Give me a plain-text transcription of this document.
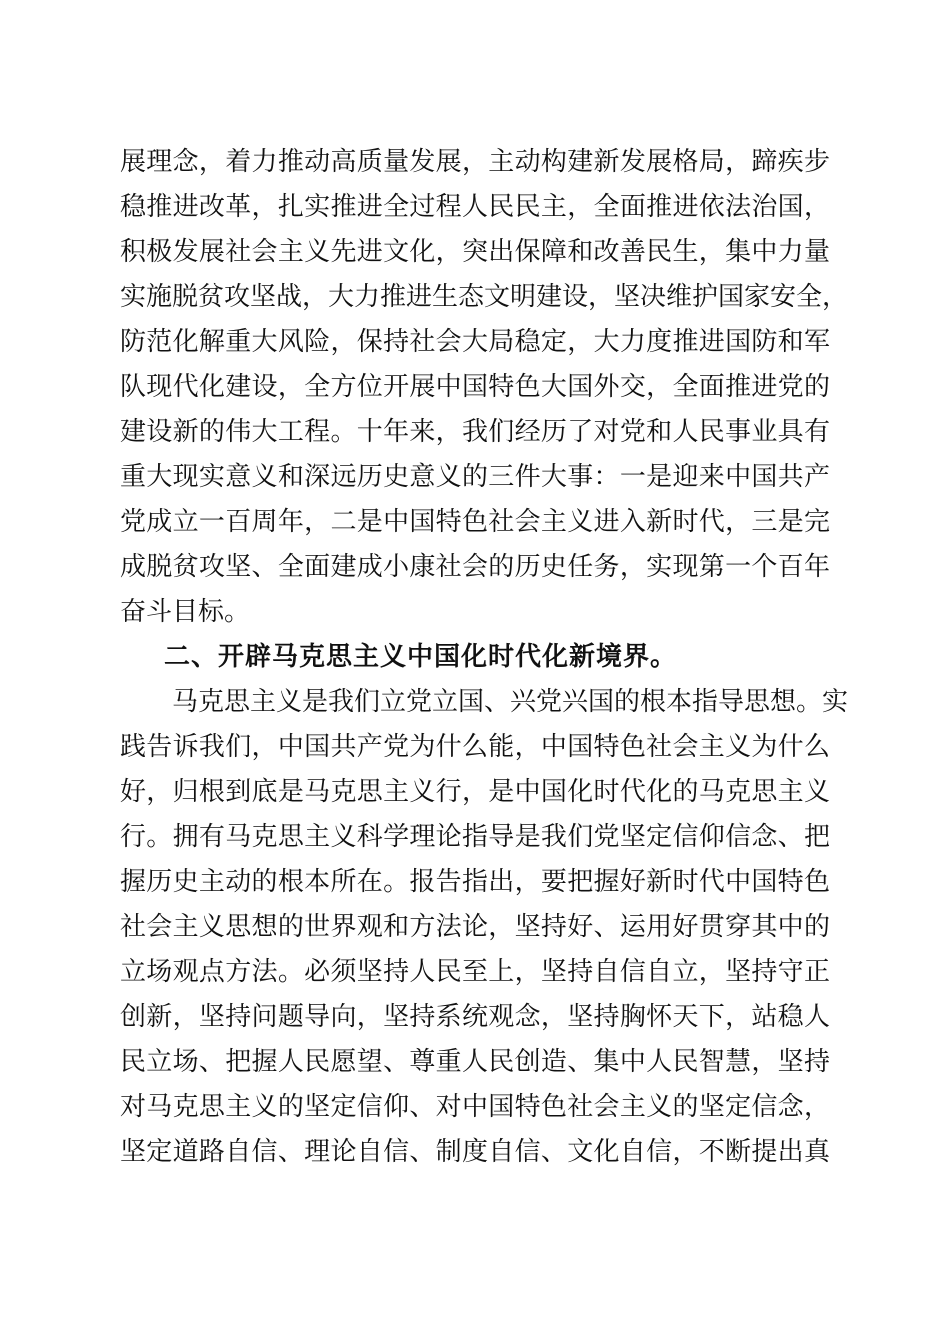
展理念，着力推动高质量发展，主动构建新发展格局，蹄疾步
稳推进改革，扎实推进全过程人民民主，全面推进依法治国，
积极发展社会主义先进文化，突出保障和改善民生，集中力量
实施脱贫攻坚战，大力推进生态文明建设，坚决维护国家安全，
防范化解重大风险，保持社会大局稳定，大力度推进国防和军
队现代化建设，全方位开展中国特色大国外交，全面推进党的
建设新的伟大工程。十年来，我们经历了对党和人民事业具有
重大现实意义和深远历史意义的三件大事：一是迎来中国共产
党成立一百周年，二是中国特色社会主义进入新时代，三是完
成脱贫攻坚、全面建成小康社会的历史任务，实现第一个百年
奋斗目标。
二、开辟马克思主义中国化时代化新境界。
马克思主义是我们立党立国、兴党兴国的根本指导思想。实
践告诉我们，中国共产党为什么能，中国特色社会主义为什么
好，归根到底是马克思主义行，是中国化时代化的马克思主义
行。拥有马克思主义科学理论指导是我们党坚定信仰信念、把
握历史主动的根本所在。报告指出，要把握好新时代中国特色
社会主义思想的世界观和方法论，坚持好、运用好贯穿其中的
立场观点方法。必须坚持人民至上，坚持自信自立，坚持守正
创新，坚持问题导向，坚持系统观念，坚持胸怀天下，站稳人
民立场、把握人民愿望、尊重人民创造、集中人民智慧，坚持
对马克思主义的坚定信仰、对中国特色社会主义的坚定信念，
坚定道路自信、理论自信、制度自信、文化自信，不断提出真
